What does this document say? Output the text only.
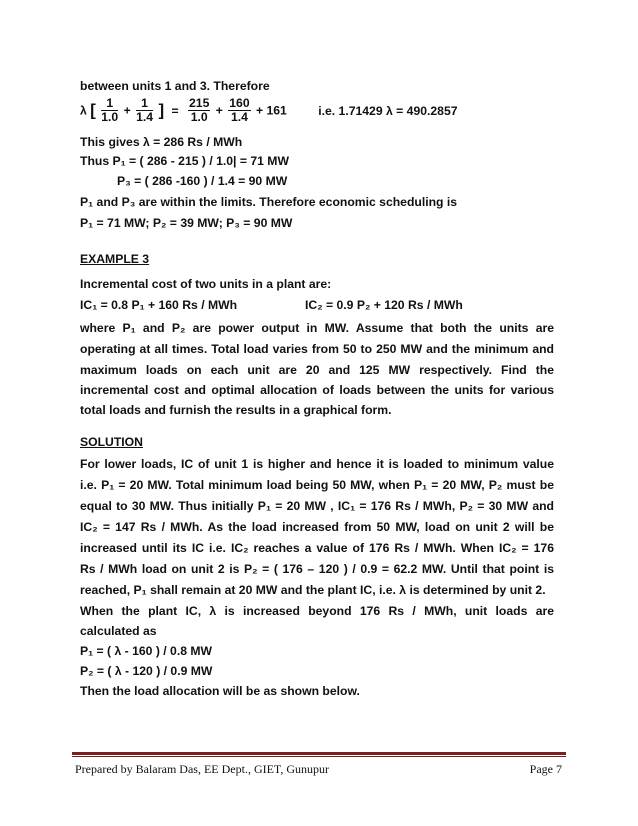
between units 1 and 3. Therefore
λ [ $\frac{1}{1.0} + \frac{1}{1.4}$ ] = $\frac{215}{1.0} + \frac{160}{1.4} + 161$	i.e. 1.71429 λ = 490.2857
This gives λ = 286 Rs / MWh
Thus P₁ = ( 286 - 215 ) / 1.0| = 71 MW
P₃ = ( 286 -160 ) / 1.4 = 90 MW
P₁ and P₃ are within the limits. Therefore economic scheduling is
P₁ = 71 MW; P₂ = 39 MW; P₃ = 90 MW
EXAMPLE 3
Incremental cost of two units in a plant are:
IC₁ = 0.8 P₁ + 160 Rs / MWh	IC₂ = 0.9 P₂ + 120 Rs / MWh
where P₁ and P₂ are power output in MW. Assume that both the units are
operating at all times. Total load varies from 50 to 250 MW and the minimum and
maximum loads on each unit are 20 and 125 MW respectively. Find the
incremental cost and optimal allocation of loads between the units for various
total loads and furnish the results in a graphical form.
SOLUTION
For lower loads, IC of unit 1 is higher and hence it is loaded to minimum value
i.e. P₁ = 20 MW. Total minimum load being 50 MW, when P₁ = 20 MW, P₂ must be
equal to 30 MW. Thus initially P₁ = 20 MW , IC₁ = 176 Rs / MWh, P₂ = 30 MW and
IC₂ = 147 Rs / MWh. As the load increased from 50 MW, load on unit 2 will be
increased until its IC i.e. IC₂ reaches a value of 176 Rs / MWh. When IC₂ = 176
Rs / MWh load on unit 2 is P₂ = ( 176 – 120 ) / 0.9 = 62.2 MW. Until that point is
reached, P₁ shall remain at 20 MW and the plant IC, i.e. λ is determined by unit 2.
When the plant IC, λ is increased beyond 176 Rs / MWh, unit loads are
calculated as
P₁ = ( λ - 160 ) / 0.8 MW
P₂ = ( λ - 120 ) / 0.9 MW
Then the load allocation will be as shown below.
Prepared by Balaram Das, EE Dept., GIET, Gunupur	Page 7
